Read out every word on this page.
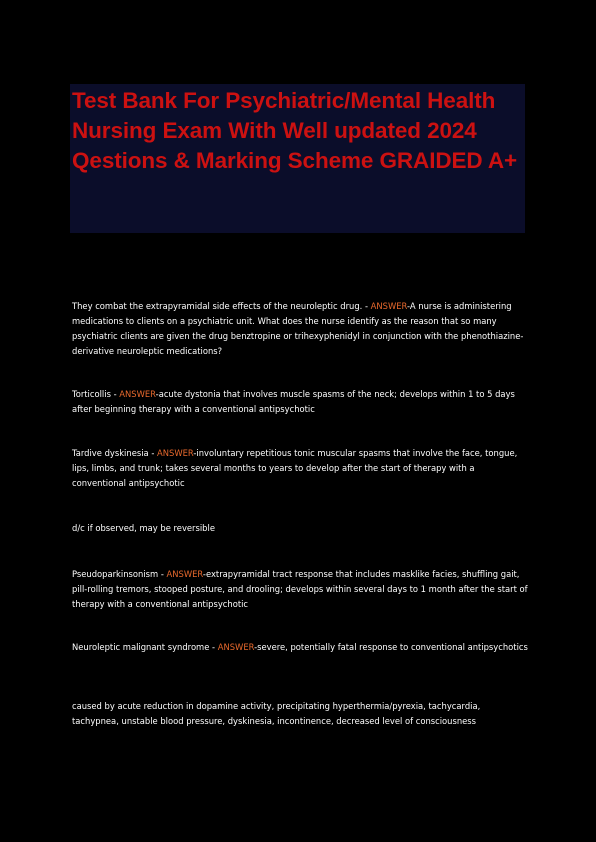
Test Bank For Psychiatric/Mental Health Nursing Exam With Well updated 2024 Qestions & Marking Scheme GRAIDED A+

They combat the extrapyramidal side effects of the neuroleptic drug. - ANSWER-A nurse is administering medications to clients on a psychiatric unit. What does the nurse identify as the reason that so many psychiatric clients are given the drug benztropine or trihexyphenidyl in conjunction with the phenothiazine-derivative neuroleptic medications?

Torticollis - ANSWER-acute dystonia that involves muscle spasms of the neck; develops within 1 to 5 days after beginning therapy with a conventional antipsychotic

Tardive dyskinesia - ANSWER-involuntary repetitious tonic muscular spasms that involve the face, tongue, lips, limbs, and trunk; takes several months to years to develop after the start of therapy with a conventional antipsychotic

d/c if observed, may be reversible

Pseudoparkinsonism - ANSWER-extrapyramidal tract response that includes masklike facies, shuffling gait, pill-rolling tremors, stooped posture, and drooling; develops within several days to 1 month after the start of therapy with a conventional antipsychotic

Neuroleptic malignant syndrome - ANSWER-severe, potentially fatal response to conventional antipsychotics

caused by acute reduction in dopamine activity, precipitating hyperthermia/pyrexia, tachycardia, tachypnea, unstable blood pressure, dyskinesia, incontinence, decreased level of consciousness
